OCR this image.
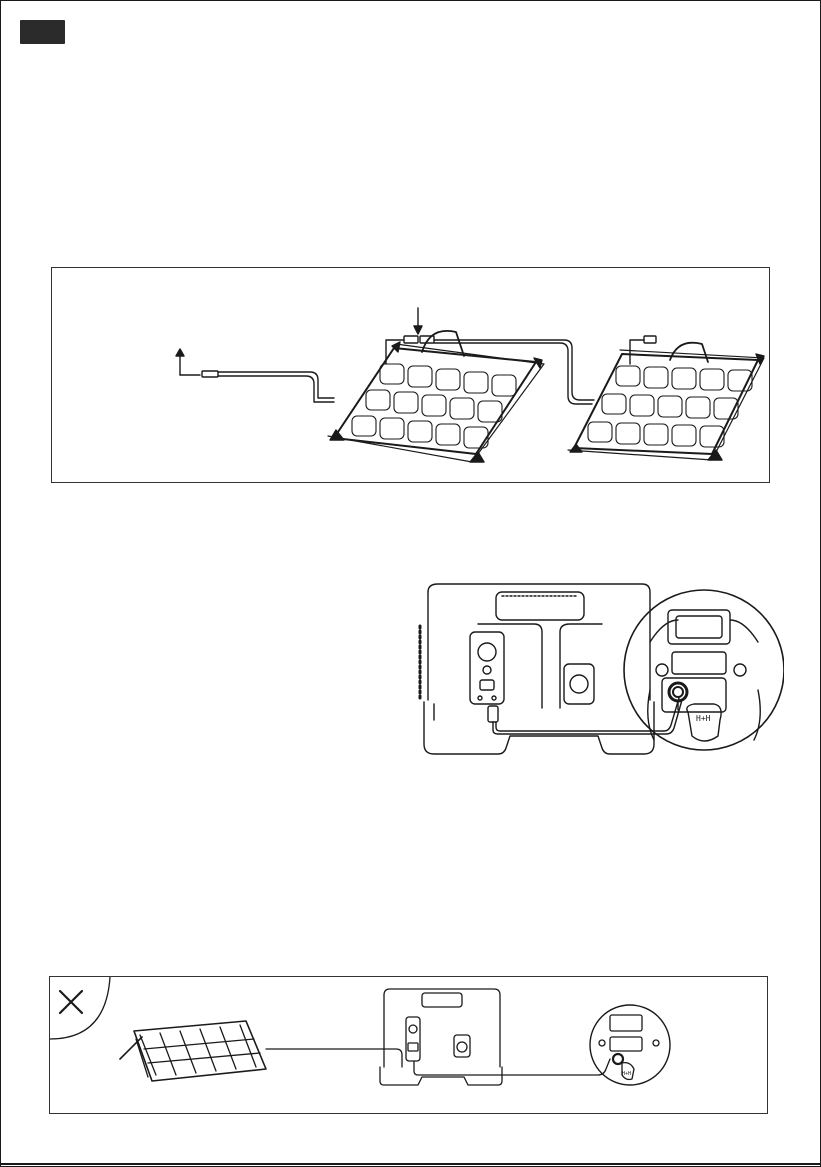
H+H
H+H
